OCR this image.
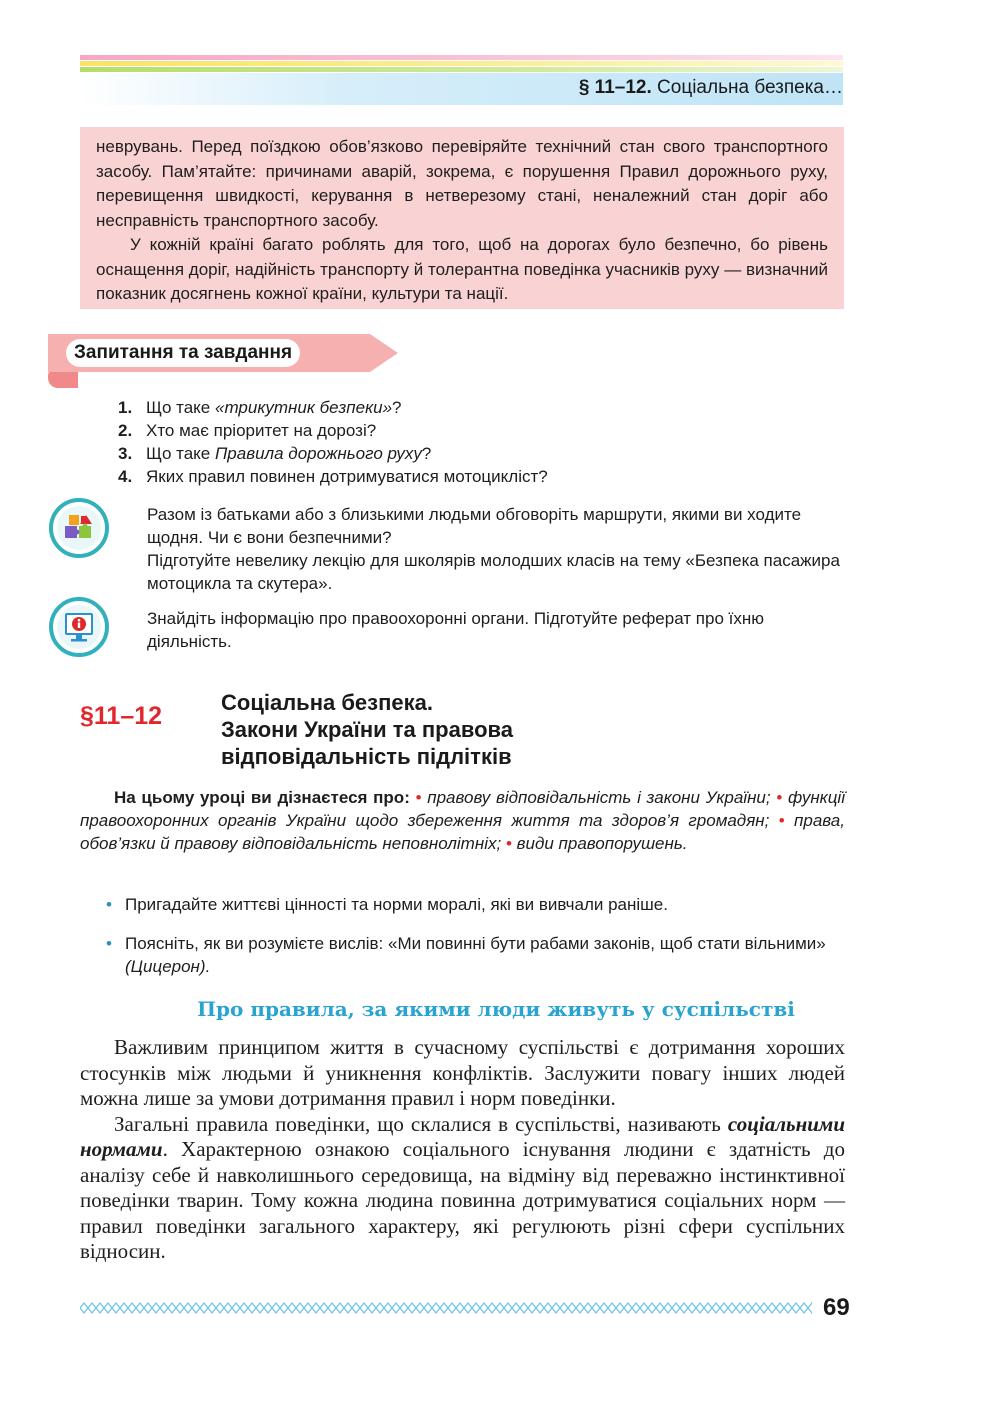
§ 11–12. Соціальна безпека…

неврувань. Перед поїздкою обов’язково перевіряйте технічний стан свого транспортного засобу. Пам’ятайте: причинами аварій, зокрема, є порушення Правил дорожнього руху, перевищення швидкості, керування в нетверезому стані, неналежний стан доріг або несправність транспортного засобу.

У кожній країні багато роблять для того, щоб на дорогах було безпечно, бо рівень оснащення доріг, надійність транспорту й толерантна поведінка учасників руху — визначний показник досягнень кожної країни, культури та нації.

Запитання та завдання
1. Що таке «трикутник безпеки»?
2. Хто має пріоритет на дорозі?
3. Що таке Правила дорожнього руху?
4. Яких правил повинен дотримуватися мотоцикліст?

Разом із батьками або з близькими людьми обговоріть маршрути, якими ви ходите щодня. Чи є вони безпечними?

Підготуйте невелику лекцію для школярів молодших класів на тему «Безпека пасажира мотоцикла та скутера».

Знайдіть інформацію про правоохоронні органи. Підготуйте реферат про їхню діяльність.

§11–12	Соціальна безпека.
Закони України та правова
відповідальність підлітків
На цьому уроці ви дізнаєтеся про: • правову відповідальність і закони України; • функції правоохоронних органів України щодо збереження життя та здоров’я громадян; • права, обов’язки й правову відповідальність неповнолітніх; • види правопорушень.
• Пригадайте життєві цінності та норми моралі, які ви вивчали раніше.
• Поясніть, як ви розумієте вислів: «Ми повинні бути рабами законів, щоб стати вільними» (Цицерон).
Про правила, за якими люди живуть у суспільстві

Важливим принципом життя в сучасному суспільстві є дотримання хороших стосунків між людьми й уникнення конфліктів. Заслужити повагу інших людей можна лише за умови дотримання правил і норм поведінки.

Загальні правила поведінки, що склалися в суспільстві, називають соціальними нормами. Характерною ознакою соціального існування людини є здатність до аналізу себе й навколишнього середовища, на відміну від переважно інстинктивної поведінки тварин. Тому кожна людина повинна дотримуватися соціальних норм — правил поведінки загального характеру, які регулюють різні сфери суспільних відносин.

69
